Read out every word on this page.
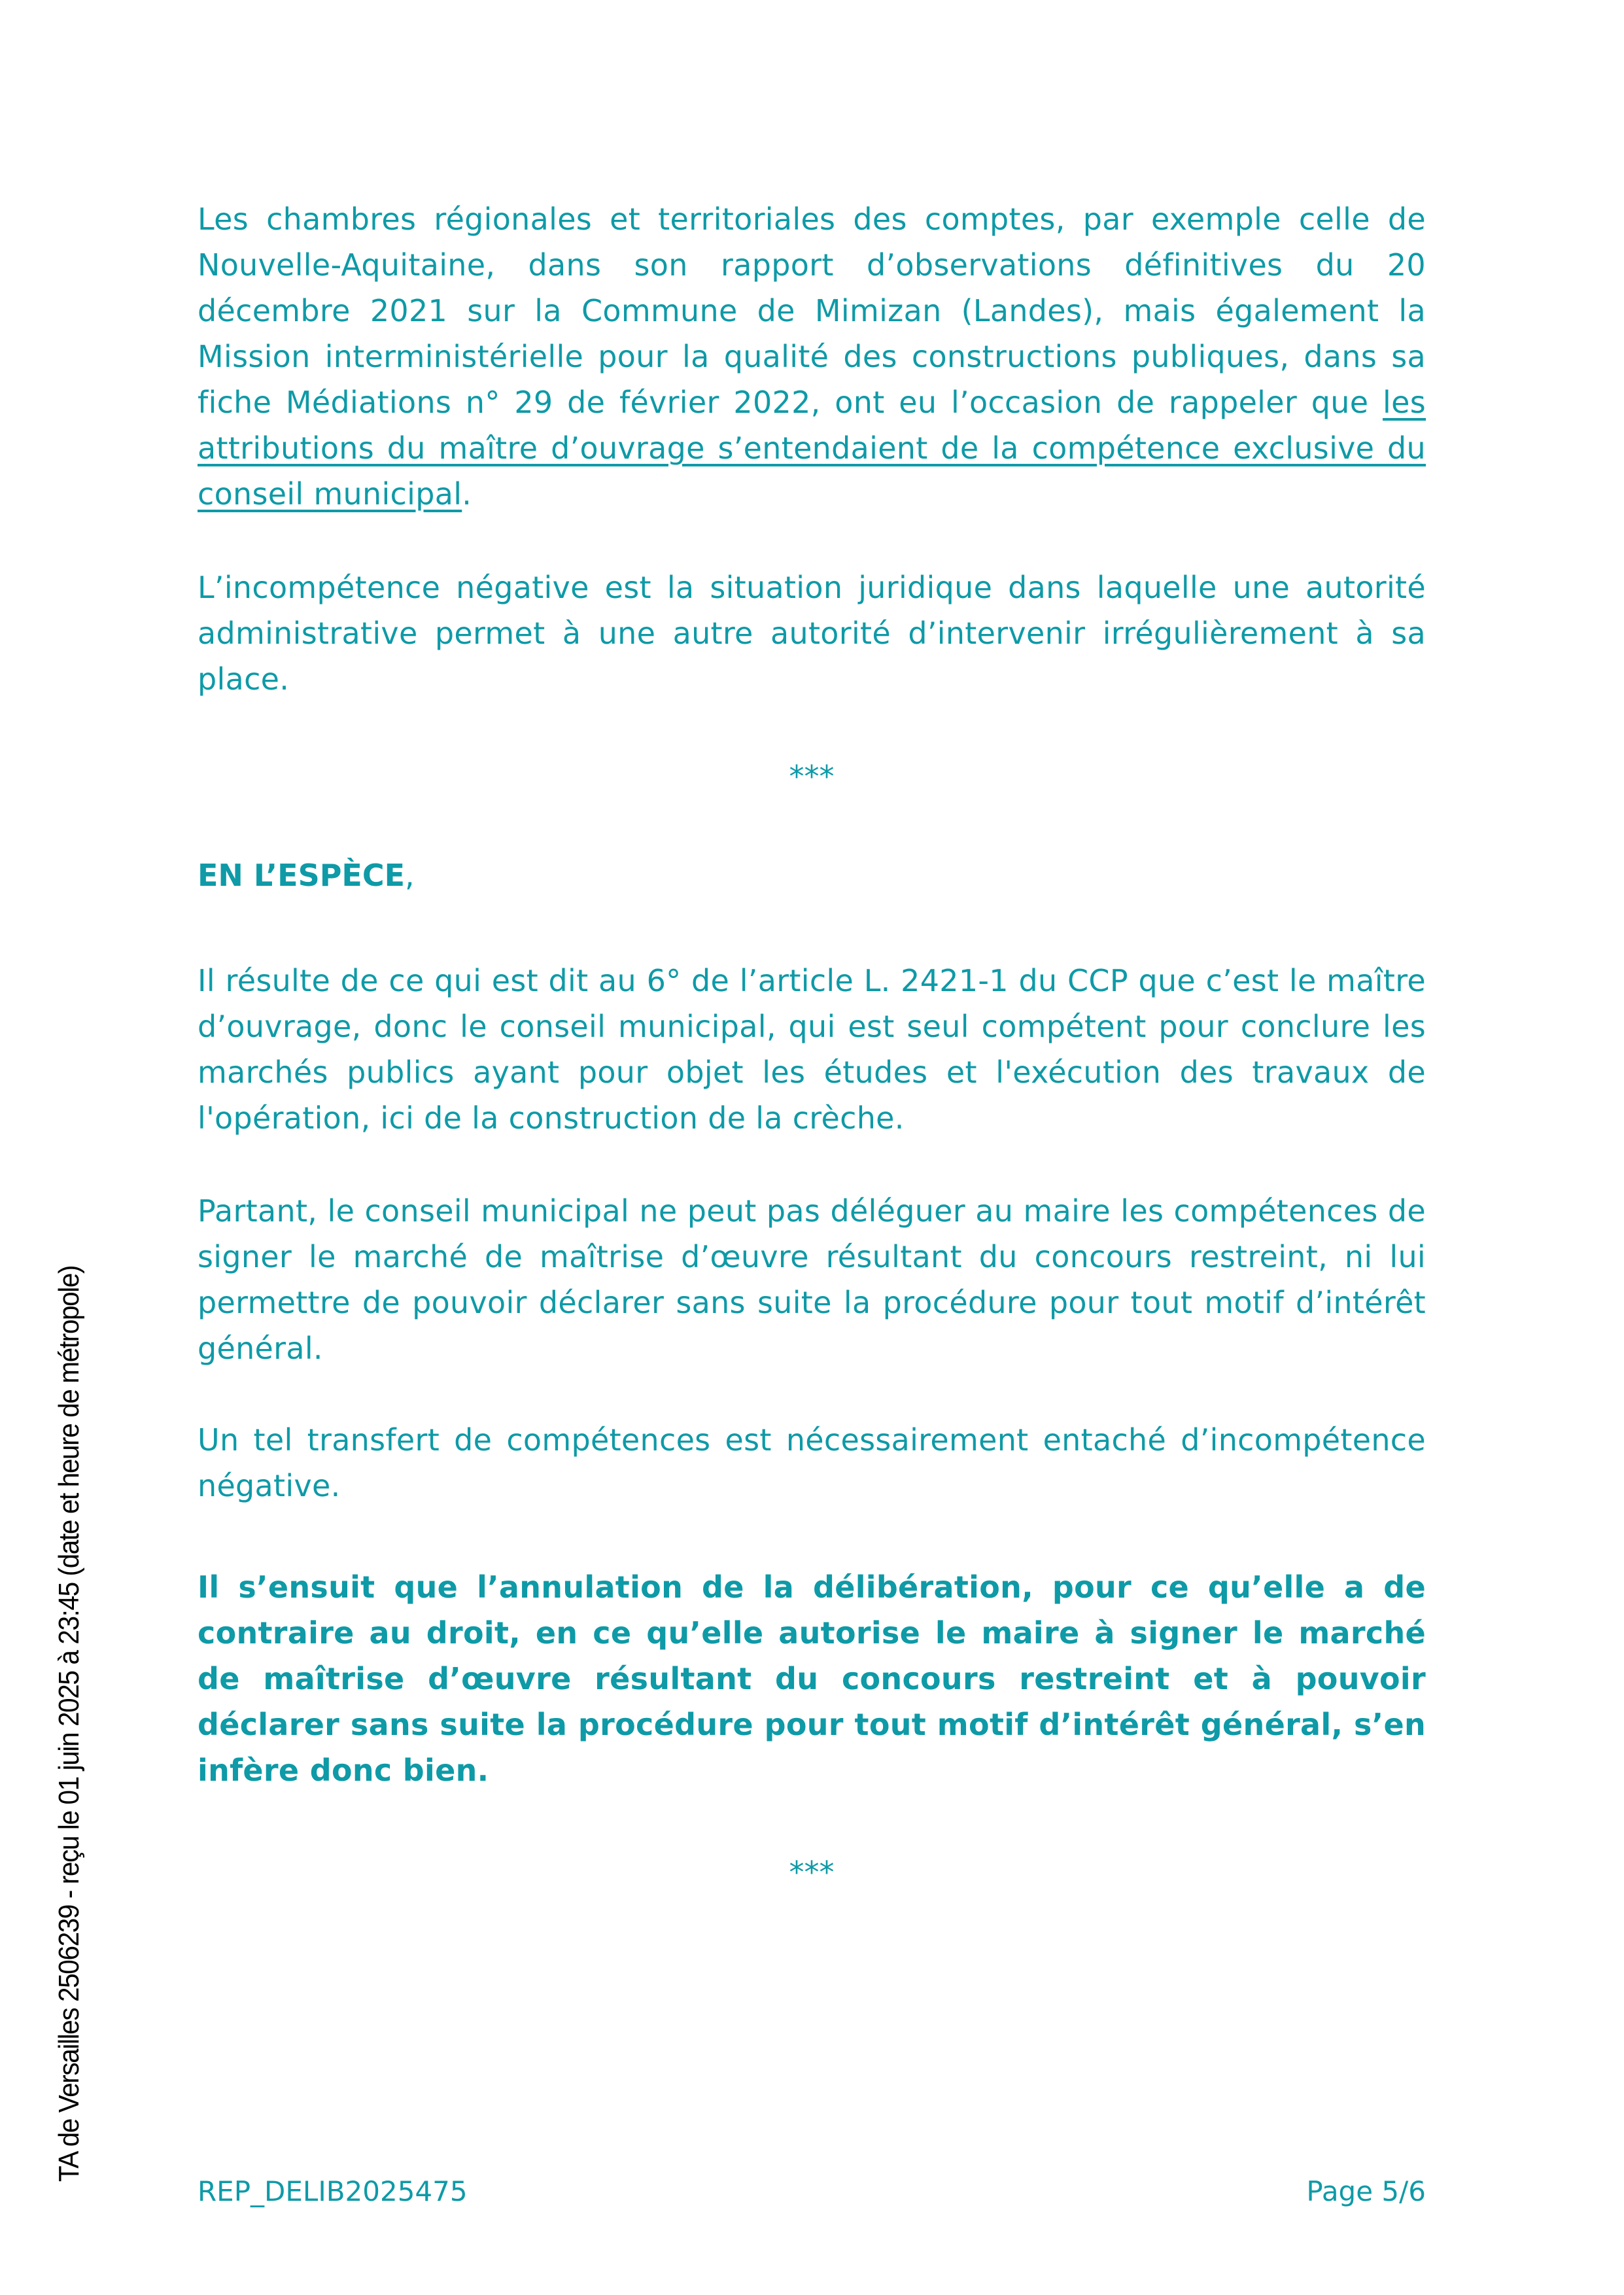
Les chambres régionales et territoriales des comptes, par exemple celle de Nouvelle-Aquitaine, dans son rapport d’observations définitives du 20 décembre 2021 sur la Commune de Mimizan (Landes), mais également la Mission interministérielle pour la qualité des constructions publiques, dans sa fiche Médiations n° 29 de février 2022, ont eu l’occasion de rappeler que les attributions du maître d’ouvrage s’entendaient de la compétence exclusive du conseil municipal.

L’incompétence négative est la situation juridique dans laquelle une autorité administrative permet à une autre autorité d’intervenir irrégulièrement à sa place.

***
EN L’ESPÈCE,

Il résulte de ce qui est dit au 6° de l’article L. 2421-1 du CCP que c’est le maître d’ouvrage, donc le conseil municipal, qui est seul compétent pour conclure les marchés publics ayant pour objet les études et l'exécution des travaux de l'opération, ici de la construction de la crèche.

Partant, le conseil municipal ne peut pas déléguer au maire les compétences de signer le marché de maîtrise d’œuvre résultant du concours restreint, ni lui permettre de pouvoir déclarer sans suite la procédure pour tout motif d’intérêt général.

Un tel transfert de compétences est nécessairement entaché d’incompétence négative.

Il s’ensuit que l’annulation de la délibération, pour ce qu’elle a de contraire au droit, en ce qu’elle autorise le maire à signer le marché de maîtrise d’œuvre résultant du concours restreint et à pouvoir déclarer sans suite la procédure pour tout motif d’intérêt général, s’en infère donc bien.

***
REP_DELIB2025475	Page 5/6
TA de Versailles 2506239 - reçu le 01 juin 2025 à 23:45 (date et heure de métropole)
